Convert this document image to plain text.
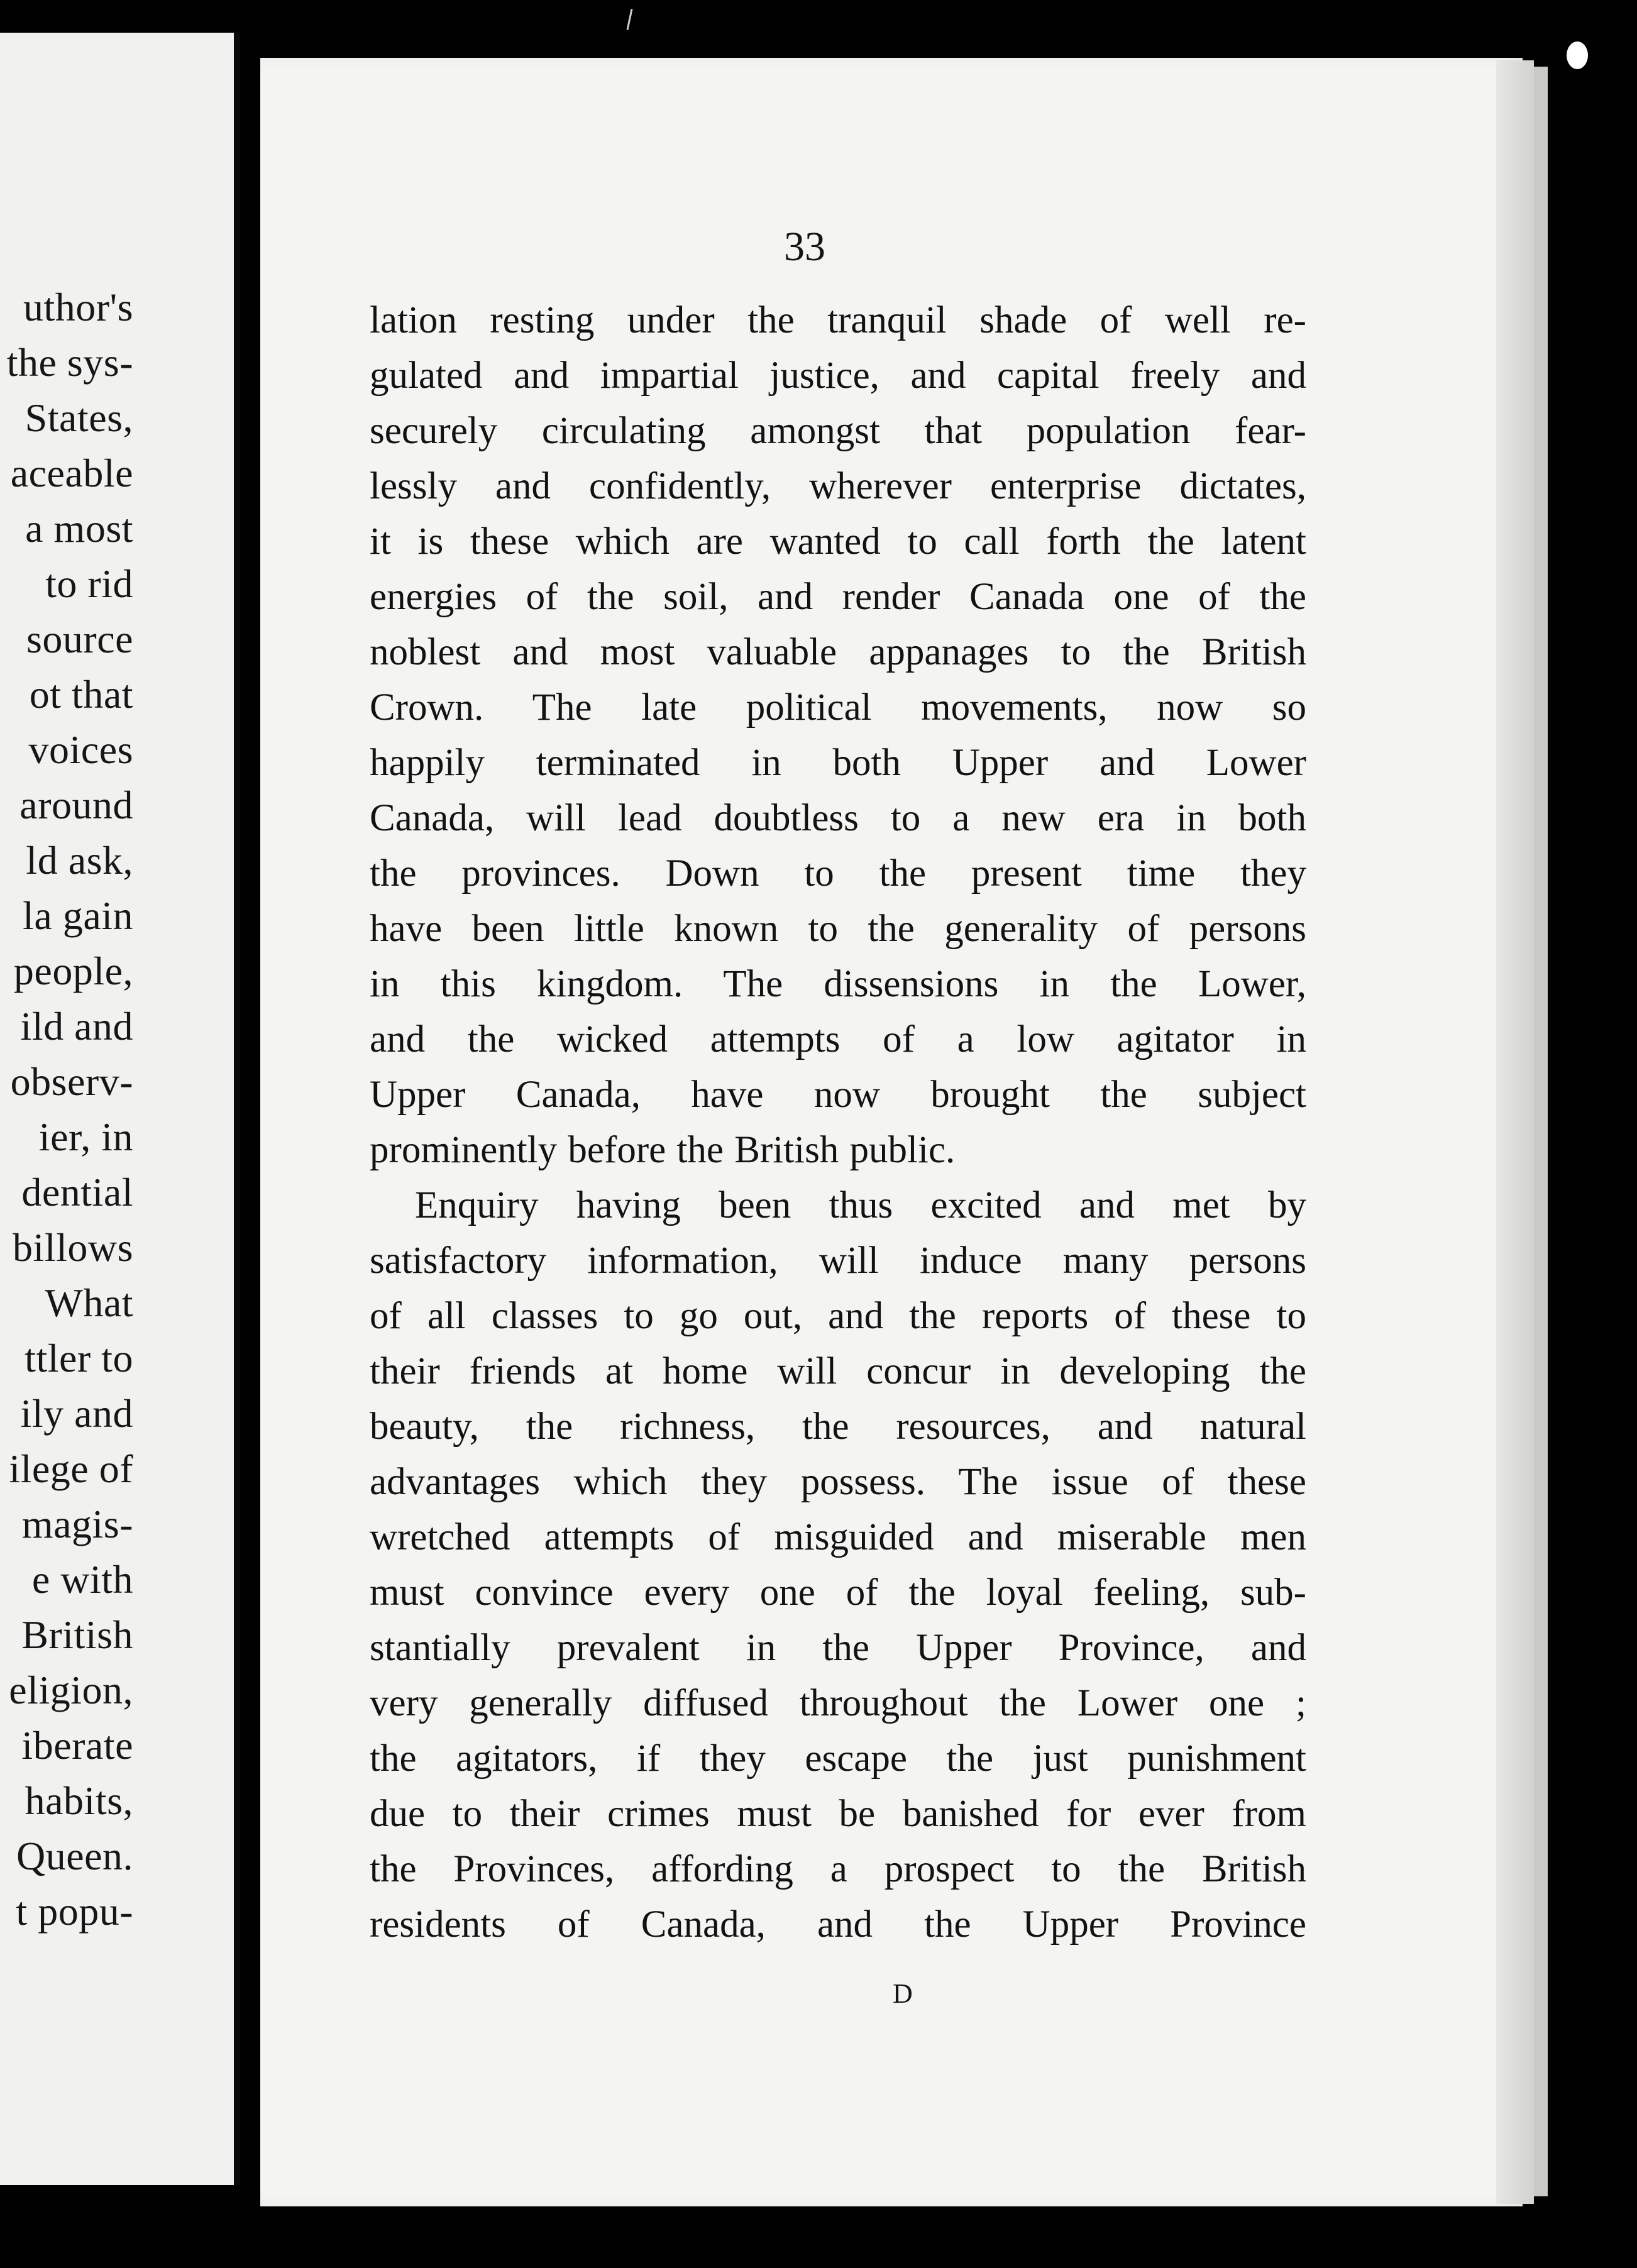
uthor's
the sys-
States,
aceable
a most
to rid
source
ot that
voices
around
ld ask,
la gain
people,
ild and
observ-
ier, in
dential
billows
What
ttler to
ily and
ilege of
magis-
e with
British
eligion,
iberate
habits,
Queen.
t popu-
33
lation resting under the tranquil shade of well re-
gulated and impartial justice, and capital freely and
securely circulating amongst that population fear-
lessly and confidently, wherever enterprise dictates,
it is these which are wanted to call forth the latent
energies of the soil, and render Canada one of the
noblest and most valuable appanages to the British
Crown. The late political movements, now so
happily terminated in both Upper and Lower
Canada, will lead doubtless to a new era in both
the provinces. Down to the present time they
have been little known to the generality of persons
in this kingdom. The dissensions in the Lower,
and the wicked attempts of a low agitator in
Upper Canada, have now brought the subject
prominently before the British public.
Enquiry having been thus excited and met by
satisfactory information, will induce many persons
of all classes to go out, and the reports of these to
their friends at home will concur in developing the
beauty, the richness, the resources, and natural
advantages which they possess. The issue of these
wretched attempts of misguided and miserable men
must convince every one of the loyal feeling, sub-
stantially prevalent in the Upper Province, and
very generally diffused throughout the Lower one ;
the agitators, if they escape the just punishment
due to their crimes must be banished for ever from
the Provinces, affording a prospect to the British
residents of Canada, and the Upper Province
D
